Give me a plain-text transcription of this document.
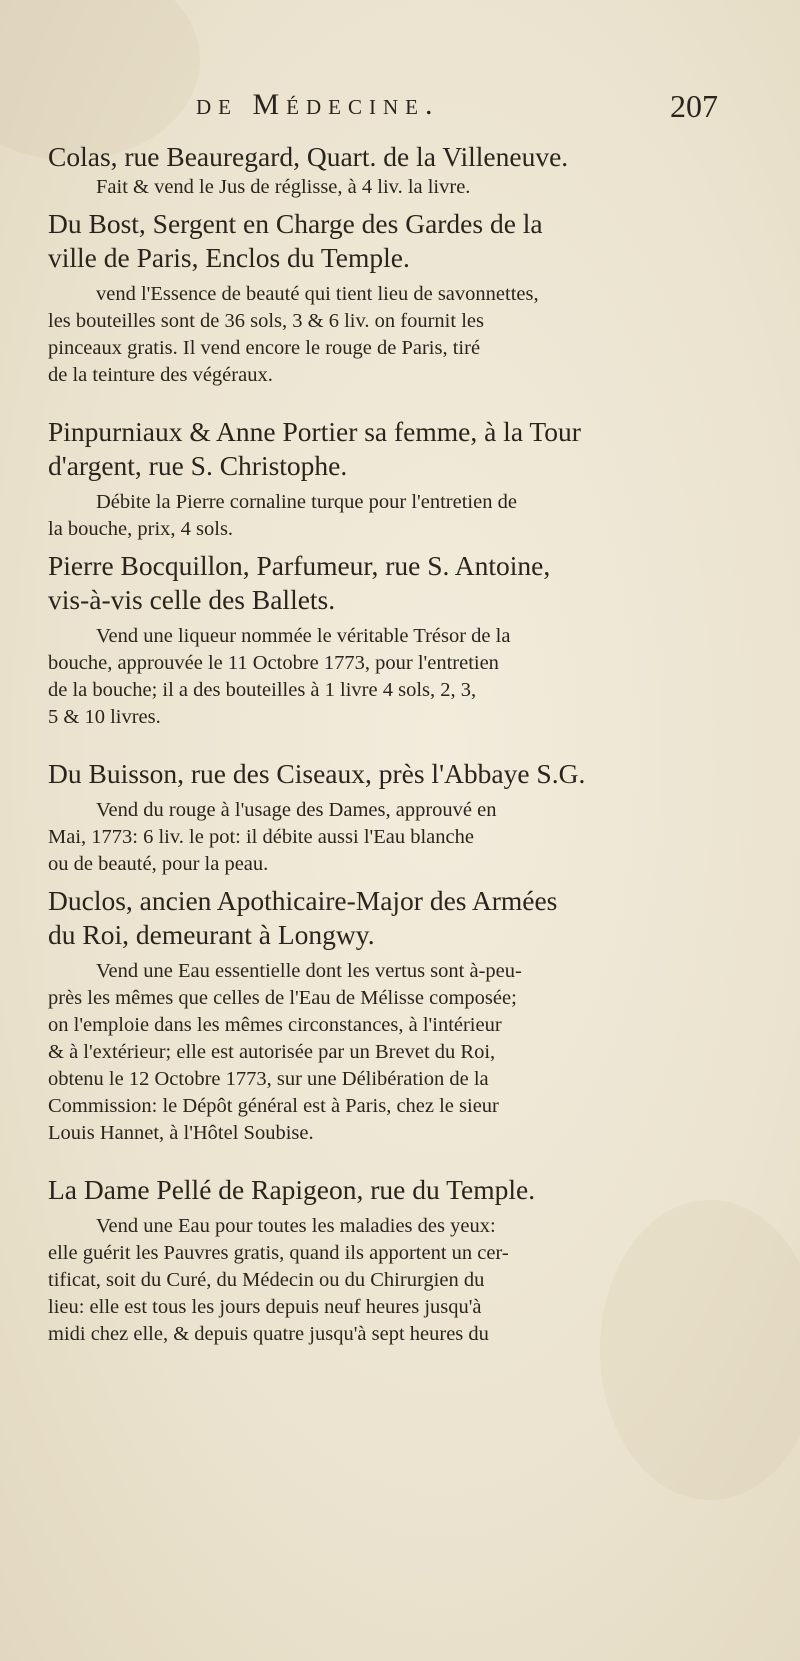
de Médecine.	207
Colas, rue Beauregard, Quart. de la Villeneuve.
Fait & vend le Jus de réglisse, à 4 liv. la livre.
Du Bost, Sergent en Charge des Gardes de la
ville de Paris, Enclos du Temple.
vend l'Essence de beauté qui tient lieu de savonnettes,
les bouteilles sont de 36 sols, 3 & 6 liv. on fournit les
pinceaux gratis. Il vend encore le rouge de Paris, tiré
de la teinture des végéraux.
Pinpurniaux & Anne Portier sa femme, à la Tour
d'argent, rue S. Christophe.
Débite la Pierre cornaline turque pour l'entretien de
la bouche, prix, 4 sols.
Pierre Bocquillon, Parfumeur, rue S. Antoine,
vis-à-vis celle des Ballets.
Vend une liqueur nommée le véritable Trésor de la
bouche, approuvée le 11 Octobre 1773, pour l'entretien
de la bouche; il a des bouteilles à 1 livre 4 sols, 2, 3,
5 & 10 livres.
Du Buisson, rue des Ciseaux, près l'Abbaye S.G.
Vend du rouge à l'usage des Dames, approuvé en
Mai, 1773: 6 liv. le pot: il débite aussi l'Eau blanche
ou de beauté, pour la peau.
Duclos, ancien Apothicaire-Major des Armées
du Roi, demeurant à Longwy.
Vend une Eau essentielle dont les vertus sont à-peu-
près les mêmes que celles de l'Eau de Mélisse composée;
on l'emploie dans les mêmes circonstances, à l'intérieur
& à l'extérieur; elle est autorisée par un Brevet du Roi,
obtenu le 12 Octobre 1773, sur une Délibération de la
Commission: le Dépôt général est à Paris, chez le sieur
Louis Hannet, à l'Hôtel Soubise.
La Dame Pellé de Rapigeon, rue du Temple.
Vend une Eau pour toutes les maladies des yeux:
elle guérit les Pauvres gratis, quand ils apportent un cer-
tificat, soit du Curé, du Médecin ou du Chirurgien du
lieu: elle est tous les jours depuis neuf heures jusqu'à
midi chez elle, & depuis quatre jusqu'à sept heures du
